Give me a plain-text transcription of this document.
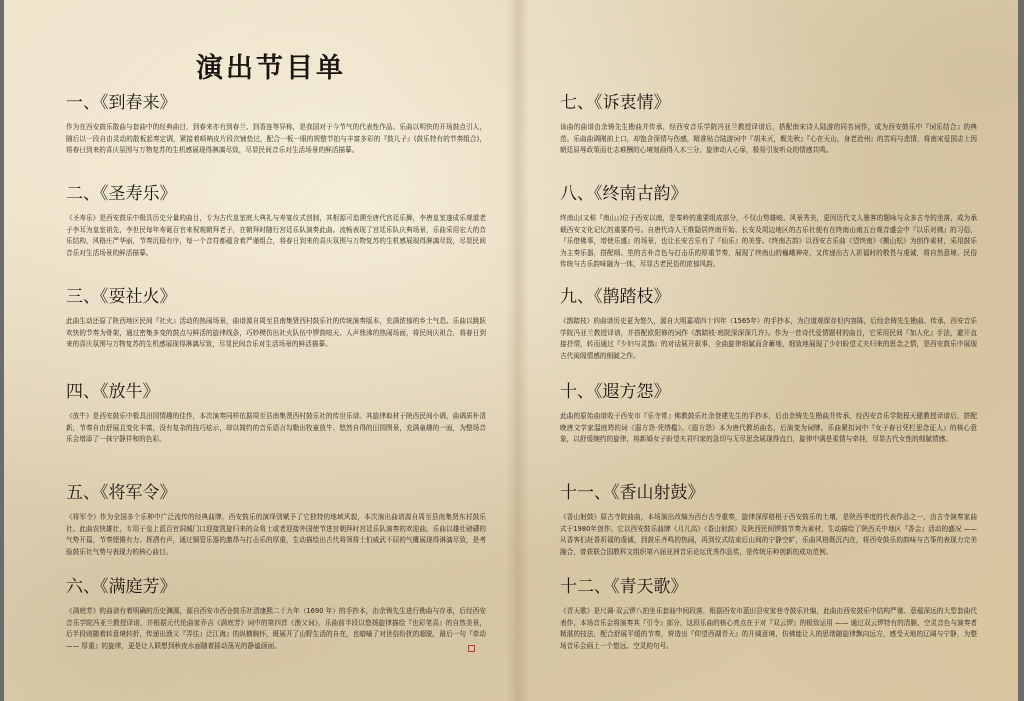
演出节目单
一、《到春来》

作为在西安鼓乐散曲与套曲中的经典曲目，到春来亦有到春兰、到香连等异称，是我国对于今节气的代表性作品。乐曲以明快的开场鼓点引人，随后以一段自由灵动的散板起奏定调，紧接着唢呐皮片段次铺垫过，配合一板一眼的规整节拍与丰富多彩的『鼓儿子』(鼓乐特有的节奏组合)，将春日到来的喜庆氛围与万物复苏的生机感展现得淋漓尽致，尽显民间音乐对生活场景的鲜活描摹。

二、《圣寿乐》

《圣寿乐》是西安鼓乐中极具历史分量的曲目，专为古代皇室庭大典礼与寿宴仪式创制，其根源可追溯至唐代宫廷乐舞，李唐皇室遂成乐观道老子李耳为皇室祖先，李世民每年寿诞百官来祝观朝拜老子，在朝拜时随行宫廷乐队演奏此曲。流畅表现了宫廷乐队庆典场景，乐曲采用宏大的音乐结构，风格庄严华丽，节奏沉稳有序，每一个音符都蕴含着严谨组合，将春日到来的喜庆氛围与万物复苏的生机感展现得淋漓尽致，尽显民间音乐对生活场景的鲜活描摹。

三、《耍社火》

此曲生动还原了陕西地区民间『社火』活动的热闹场景，曲谱源自周至县南集贤西村鼓乐社的传统演奏版本，充满浓郁的乡土气息。乐曲以跳跃欢快的节奏为骨架，通过密集多变的鼓点与鲜活的旋律线条，巧妙模仿出社火队伍中锣鼓喧天、人声鼎沸的热闹场面，将民间庆祖合，将春日到来的喜庆氛围与万物复苏的生机感展现得淋漓尽致，尽显民间音乐对生活场景的鲜活描摹。

四、《放牛》

《放牛》是西安鼓乐中极具田园情趣的佳作，本次演奏同样依据周至县南集贤西村鼓乐社的传世乐谱。其旋律取材于陕西民间小调，曲调质朴清新，节奏自由舒展且变化丰富，没有复杂的技巧炫示，却以简约的音乐语言勾勒出牧童放牛、悠然自得的田园图景，充满童趣的一面，为整场音乐会增添了一抹宁静祥和的色彩。

五、《将军令》

《将军令》作为全国多个乐种中广泛流传的经典曲牌，西安鼓乐的演绎别赋予了它独特的地域风貌，本次演出曲谱源自周至县南集贤东村鼓乐社。此曲农快雄壮，专用于皇上派百官洞城门口迎接凯旋归来的众将士或者迎接外国使节进宫朝拜时宫廷乐队演奏的欢迎曲。乐曲以雄壮磅礴的气势开篇，节奏铿锵有力、挥洒有声，通过铜管乐器的激昂与打击乐的厚重，生动描绘出古代将领将士们威武不屈的气概展现得淋漓尽致，是考验鼓乐社气势与表现力的核心曲目。

六、《满庭芳》

《满庭芳》的曲谱有着明确的历史渊源，源自西安市西仓鼓乐社清康熙二十九年（1690 年）的手抄本，由余铸先生进行勘曲与存承，后经西安音乐学院冯亚兰教授译谱，并根据元代伦曲家乔吉《满庭芳》词中的第四首《渔父词》，乐曲前半段以悠扬旋律描绘『也彩笔喜』的自然美景，后半段则随着转意境转折，传递出渔父『弄往』泛江海』的纵横胸怀，既展开了山野生活的自在，也暗喻了对世俗纷扰的超脱，最后一句『牵动 —— 厚重』的旋律，更是让人联想到秋夜水面随着摇动荡光的静谧画面。

七、《诉衷情》

该曲的曲谱由余铸先生勘曲并传承，经西安音乐学院冯亚兰教授译谱后，搭配南宋诗人陆游的同名词作，成为西安鼓乐中『词乐结合』的典范。乐曲曲调刚前上口，却饱含深情与伤感，精准贴合陆游词中『胡未灭，鬓先秋』『心在天山，身老沧州』的苦闷与悲情，将南宋爱国志士因朝廷屈辱政策而壮志难酬的心境刻画得入木三分，旋律动人心扉，极易引发听众的情感共鸣。

八、《终南古韵》

终南山(又称『南山』)位于西安以南，是秦岭的重要组成部分，不仅山势雄峻、风景秀美，更因历代文人墨客的题咏与众多古寺的坐落，成为承载西安文化记忆的重要符号。自唐代诗人王维隐居终南开始、长安及周边地区的古乐社便有在终南山南五台观音盛会中『以乐对佛』的习俗，『乐借佛事，增使乐盛』的场景，也让长安古乐有了『仙乐』的美誉。《终南古韵》以西安古乐曲《望终南》《搬山松》为创作素材，采用鼓乐为主奏乐器，搭配唢、笙的古朴音色与打击乐的厚重节奏，展现了终南山的巍峨神奇，又传递出古人祈福时的敬畏与虔诚，将自然意境、民俗传统与古乐韵味融为一体，尽显古老民俗的浓郁风韵。

九、《鹊踏枝》

《鹊踏枝》的曲谱历史更为悠久，源自大明嘉靖四十四年（1565年）的手抄本，为白道观保存但内容陈，后经余铸先生勘曲、传承，西安音乐学院冯亚兰教授译谱，并搭配欧阳修的词作《鹊踏枝·庭院深深深几许》。作为一首诗代爱情题材的曲目，它采用民间『加人化』手法，避开直接抒情，转而通过『少妇与灵鹊』的对话展开叙事，全曲旋律细腻而含蓄地，细致地展现了少妇盼望丈夫归来的思念之情，是西安鼓乐中展现古代闺阁情感的细腻之作。

十、《遐方怨》

此曲的原始曲谱收于西安市『乐寺常』佛教鼓乐社余登建先生的手抄本，后由余铸先生勘曲并传承，经西安音乐学院程天健教授译谱后，搭配晚唐文学家温庭筠的词《遐方怨·凭绣槛》。《遐方怨》本为唐代教坊曲名，后演变为词牌。乐曲紧扣词中『女子春日凭栏思念征人』的核心意象，以舒缓婉约的旋律，将新婚女子盼望夫君归家的急切与无尽思念展现得直白，旋律中满是柔情与牵挂，尽显古代女性的细腻情感。

十一、《香山射鼓》

《香山射鼓》原古寺院曲曲，本场演出改编为西台古寺重奏，旋律深厚格根于西安鼓乐的土壤，是陕西季度的代表作品之一，由古寺演奏家曲式于1980年创作。它以西安鼓乐曲牌《月儿高》《香山射鼓》及陕西民间锣鼓节奏为素材，生动描绘了陕西关中地区『香会』活动的盛况 —— 从香客们赶香祈福的虔诚，到鼓乐齐鸣的热闹，再到仪式结束后山间的宁静空旷，乐曲风格既沉内在，将西安鼓乐的韵味与古筝的表现力完美融合，曾获联合国教科文组织第六届亚洲音乐论坛优秀作品奖，是传统乐种创新的成功范例。

十二、《青天歌》

《青天歌》是尺调·双云锣八拍坐乐套曲中间段落，根据西安市蓝田县安家巷寺鼓乐社编，此曲由西安鼓乐中结构严谨、意蕴深远的大型套曲代表作，本场音乐会将演奏其『引令』部分，这段乐曲的核心亮点在于对『双云锣』的极致运用 —— 通过双云锣特有的清脆、空灵音色与演奏者精湛的技法，配合舒展平缓的节奏，营造出『仰望西湖青天』的开阔意境，仿佛能让人的思绪随旋律飘向远方，感受天地的辽阔与宁静，为整场音乐会画上一个悠远、空灵的句号。
